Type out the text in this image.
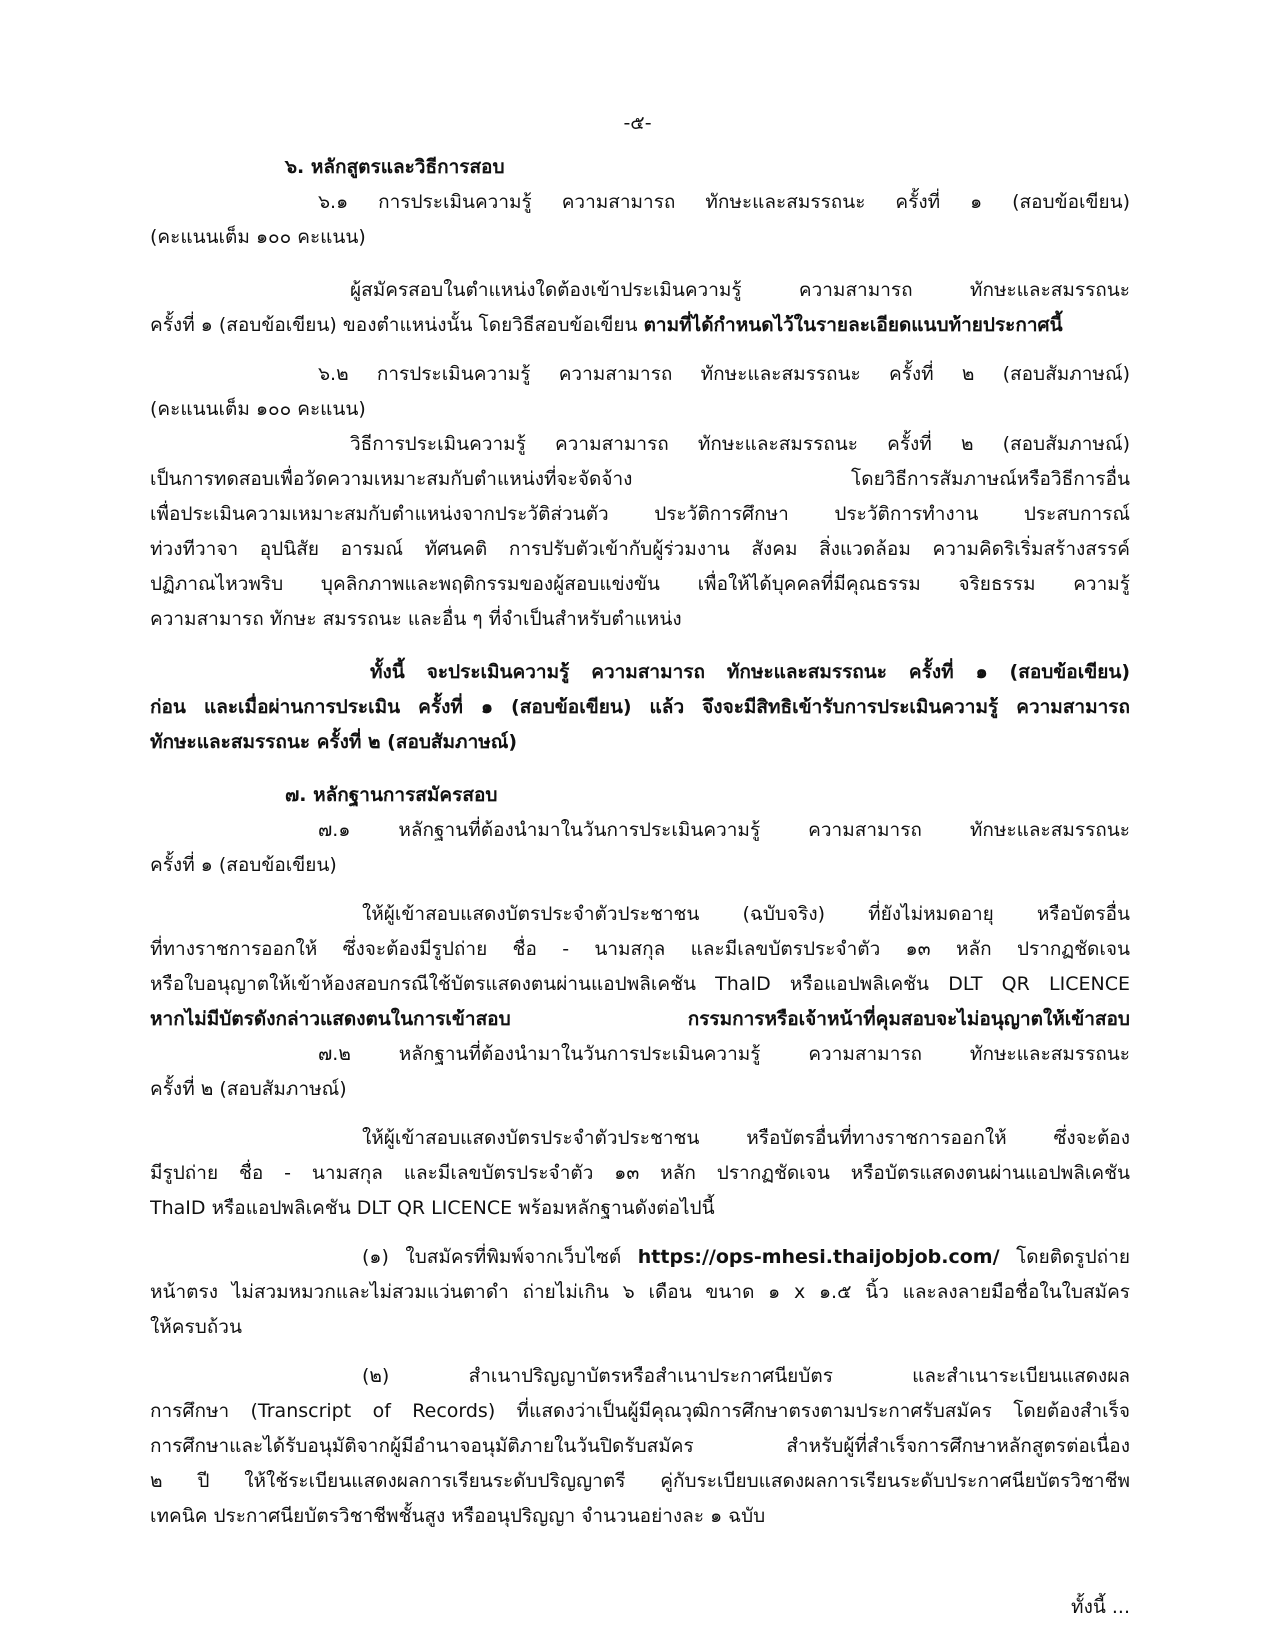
-๕-
๖. หลักสูตรและวิธีการสอบ
๖.๑ การประเมินความรู้ ความสามารถ ทักษะและสมรรถนะ ครั้งที่ ๑ (สอบข้อเขียน)
(คะแนนเต็ม ๑๐๐ คะแนน)
ผู้สมัครสอบในตำแหน่งใดต้องเข้าประเมินความรู้ ความสามารถ ทักษะและสมรรถนะ
ครั้งที่ ๑ (สอบข้อเขียน) ของตำแหน่งนั้น โดยวิธีสอบข้อเขียน ตามที่ได้กำหนดไว้ในรายละเอียดแนบท้ายประกาศนี้
๖.๒ การประเมินความรู้ ความสามารถ ทักษะและสมรรถนะ ครั้งที่ ๒ (สอบสัมภาษณ์)
(คะแนนเต็ม ๑๐๐ คะแนน)
วิธีการประเมินความรู้ ความสามารถ ทักษะและสมรรถนะ ครั้งที่ ๒ (สอบสัมภาษณ์)
เป็นการทดสอบเพื่อวัดความเหมาะสมกับตำแหน่งที่จะจัดจ้าง โดยวิธีการสัมภาษณ์หรือวิธีการอื่น
เพื่อประเมินความเหมาะสมกับตำแหน่งจากประวัติส่วนตัว ประวัติการศึกษา ประวัติการทำงาน ประสบการณ์
ท่วงทีวาจา อุปนิสัย อารมณ์ ทัศนคติ การปรับตัวเข้ากับผู้ร่วมงาน สังคม สิ่งแวดล้อม ความคิดริเริ่มสร้างสรรค์
ปฏิภาณไหวพริบ บุคลิกภาพและพฤติกรรมของผู้สอบแข่งขัน เพื่อให้ได้บุคคลที่มีคุณธรรม จริยธรรม ความรู้
ความสามารถ ทักษะ สมรรถนะ และอื่น ๆ ที่จำเป็นสำหรับตำแหน่ง
ทั้งนี้ จะประเมินความรู้ ความสามารถ ทักษะและสมรรถนะ ครั้งที่ ๑ (สอบข้อเขียน)
ก่อน และเมื่อผ่านการประเมิน ครั้งที่ ๑ (สอบข้อเขียน) แล้ว จึงจะมีสิทธิเข้ารับการประเมินความรู้ ความสามารถ
ทักษะและสมรรถนะ ครั้งที่ ๒ (สอบสัมภาษณ์)
๗. หลักฐานการสมัครสอบ
๗.๑ หลักฐานที่ต้องนำมาในวันการประเมินความรู้ ความสามารถ ทักษะและสมรรถนะ
ครั้งที่ ๑ (สอบข้อเขียน)
ให้ผู้เข้าสอบแสดงบัตรประจำตัวประชาชน (ฉบับจริง) ที่ยังไม่หมดอายุ หรือบัตรอื่น
ที่ทางราชการออกให้ ซึ่งจะต้องมีรูปถ่าย ชื่อ - นามสกุล และมีเลขบัตรประจำตัว ๑๓ หลัก ปรากฏชัดเจน
หรือใบอนุญาตให้เข้าห้องสอบกรณีใช้บัตรแสดงตนผ่านแอปพลิเคชัน ThaID หรือแอปพลิเคชัน DLT QR LICENCE
หากไม่มีบัตรดังกล่าวแสดงตนในการเข้าสอบ กรรมการหรือเจ้าหน้าที่คุมสอบจะไม่อนุญาตให้เข้าสอบ
๗.๒ หลักฐานที่ต้องนำมาในวันการประเมินความรู้ ความสามารถ ทักษะและสมรรถนะ
ครั้งที่ ๒ (สอบสัมภาษณ์)
ให้ผู้เข้าสอบแสดงบัตรประจำตัวประชาชน หรือบัตรอื่นที่ทางราชการออกให้ ซึ่งจะต้อง
มีรูปถ่าย ชื่อ - นามสกุล และมีเลขบัตรประจำตัว ๑๓ หลัก ปรากฏชัดเจน หรือบัตรแสดงตนผ่านแอปพลิเคชัน
ThaID หรือแอปพลิเคชัน DLT QR LICENCE พร้อมหลักฐานดังต่อไปนี้
(๑) ใบสมัครที่พิมพ์จากเว็บไซต์ https://ops-mhesi.thaijobjob.com/ โดยติดรูปถ่าย
หน้าตรง ไม่สวมหมวกและไม่สวมแว่นตาดำ ถ่ายไม่เกิน ๖ เดือน ขนาด ๑ x ๑.๕ นิ้ว และลงลายมือชื่อในใบสมัคร
ให้ครบถ้วน
(๒) สำเนาปริญญาบัตรหรือสำเนาประกาศนียบัตร และสำเนาระเบียนแสดงผล
การศึกษา (Transcript of Records) ที่แสดงว่าเป็นผู้มีคุณวุฒิการศึกษาตรงตามประกาศรับสมัคร โดยต้องสำเร็จ
การศึกษาและได้รับอนุมัติจากผู้มีอำนาจอนุมัติภายในวันปิดรับสมัคร สำหรับผู้ที่สำเร็จการศึกษาหลักสูตรต่อเนื่อง
๒ ปี ให้ใช้ระเบียนแสดงผลการเรียนระดับปริญญาตรี คู่กับระเบียบแสดงผลการเรียนระดับประกาศนียบัตรวิชาชีพ
เทคนิค ประกาศนียบัตรวิชาชีพชั้นสูง หรืออนุปริญญา จำนวนอย่างละ ๑ ฉบับ
ทั้งนี้ ...
